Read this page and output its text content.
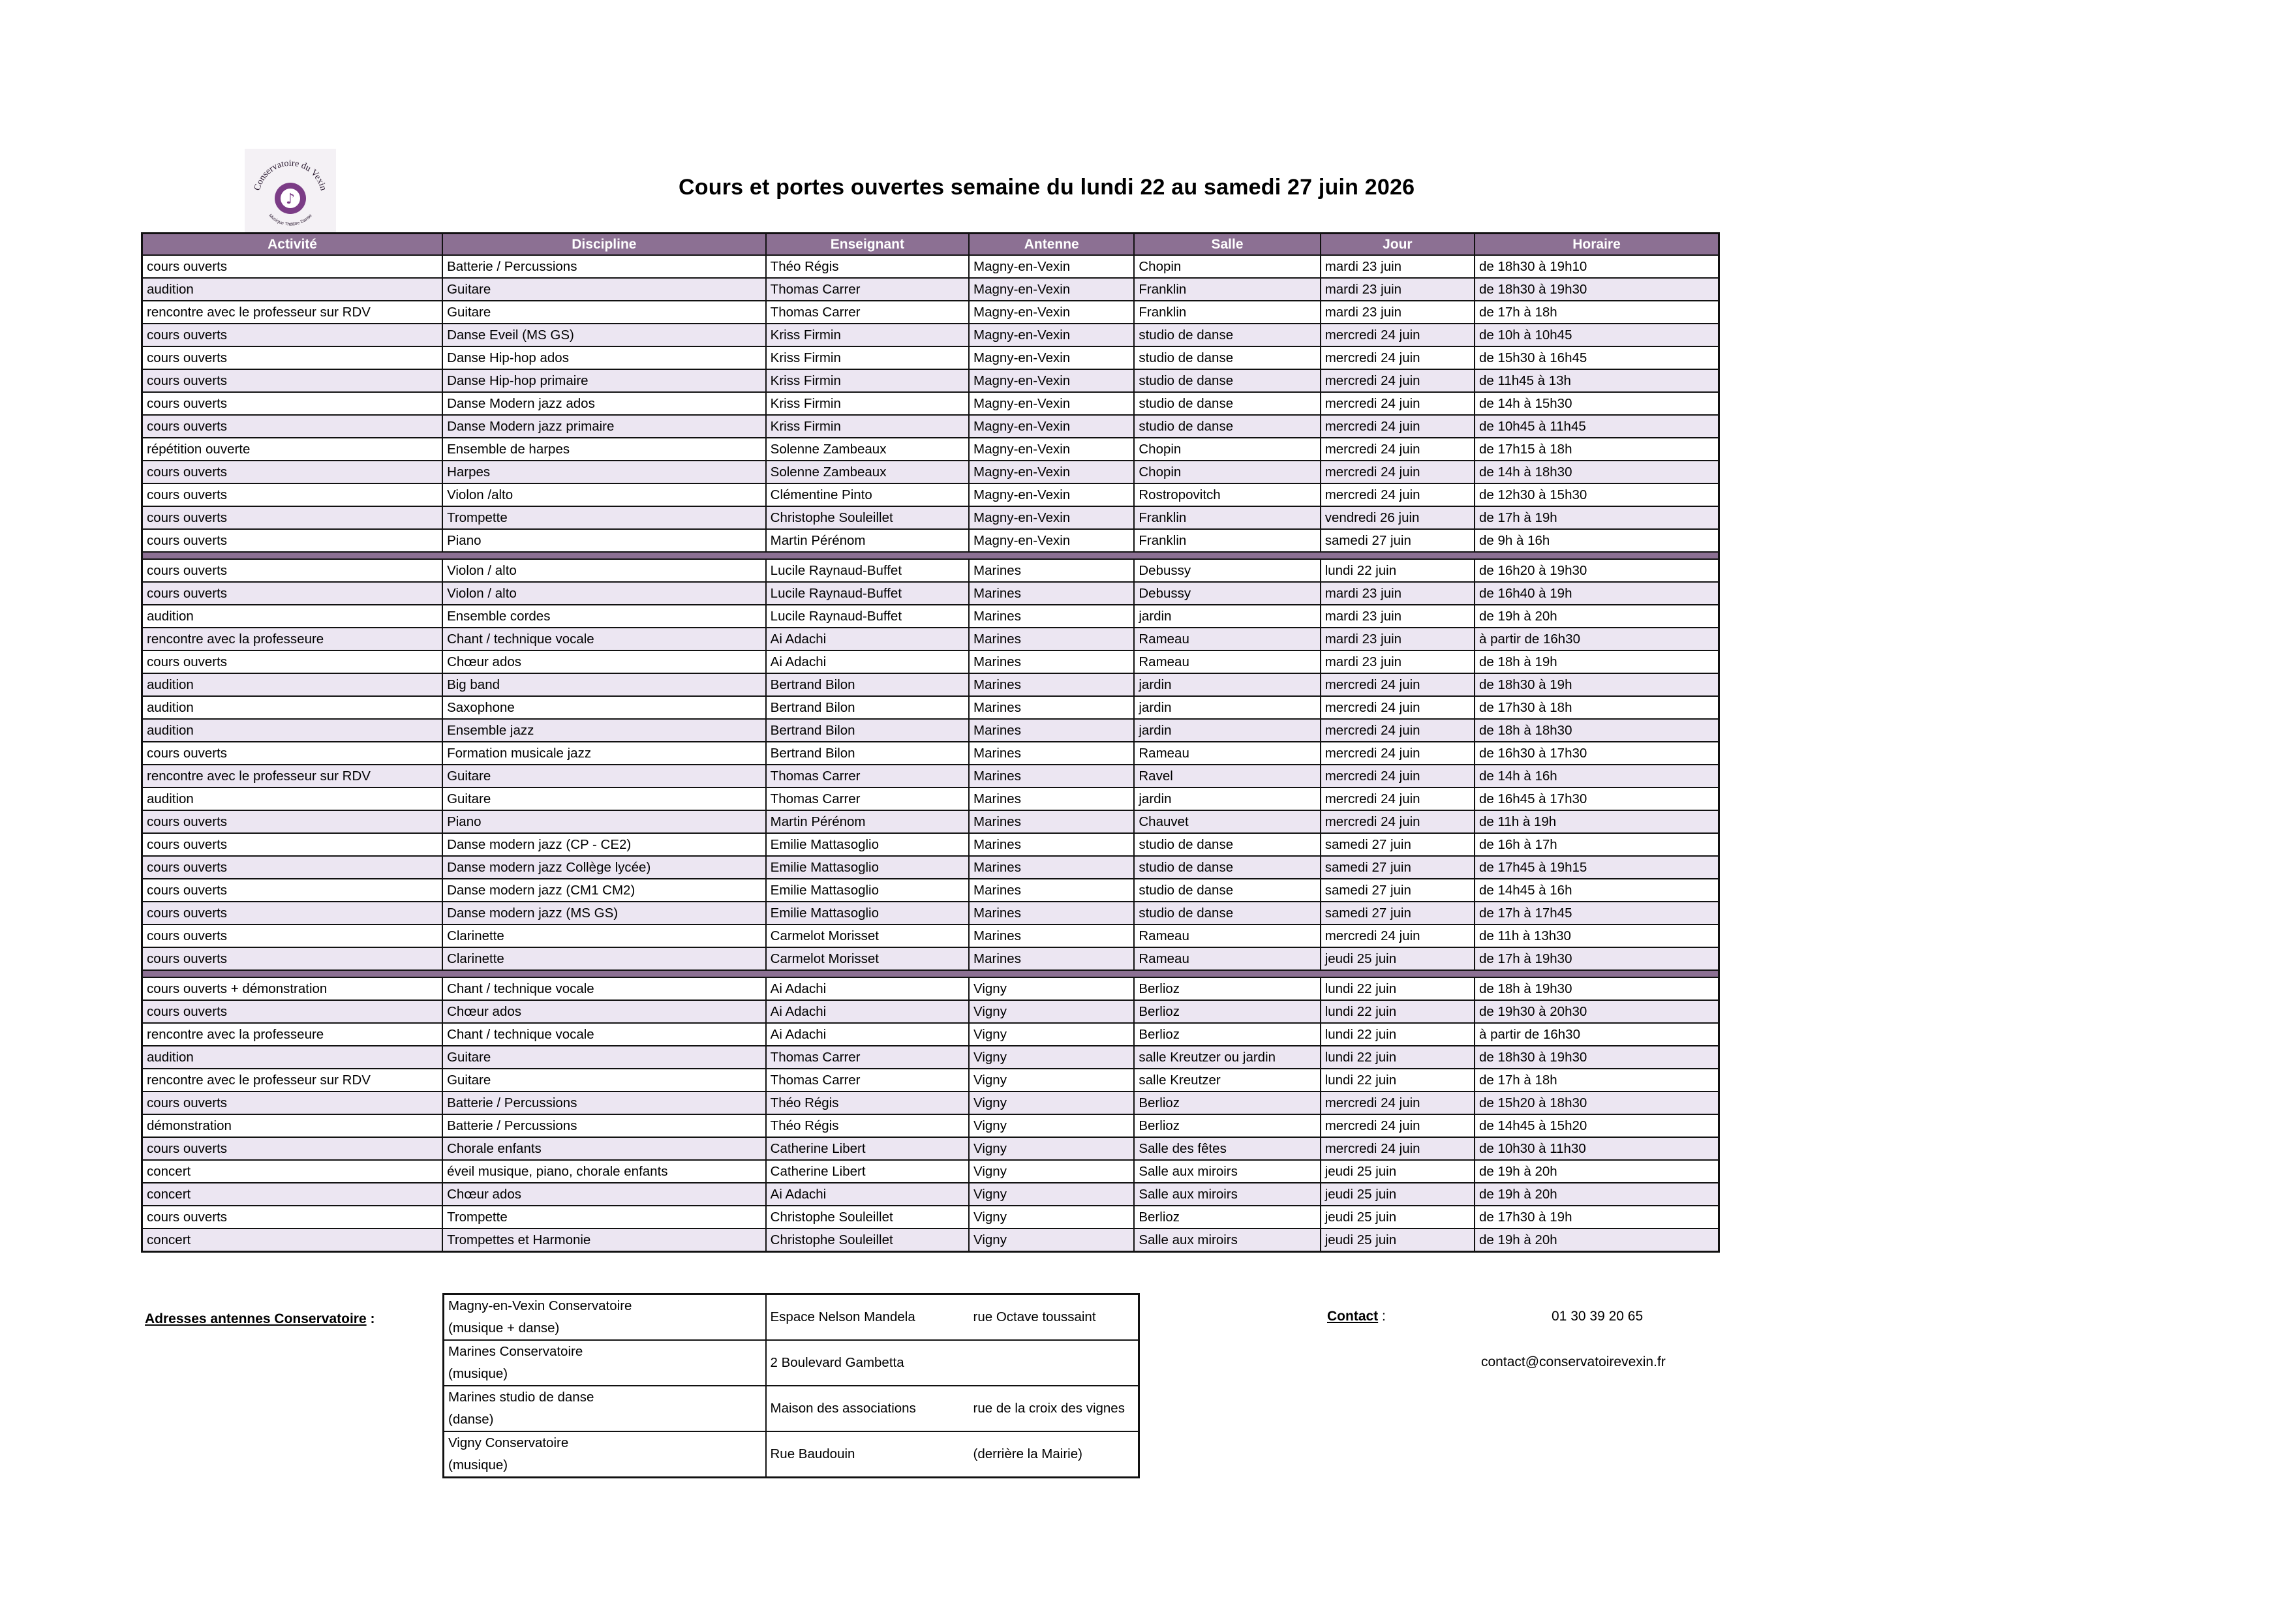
Conservatoire du Vexin
♪
Musique Théâtre Danse
Cours et portes ouvertes semaine du lundi 22 au samedi 27 juin 2026
Activité	Discipline	Enseignant	Antenne	Salle	Jour	Horaire
cours ouverts	Batterie / Percussions	Théo Régis	Magny-en-Vexin	Chopin	mardi 23 juin	de 18h30 à 19h10
audition	Guitare	Thomas Carrer	Magny-en-Vexin	Franklin	mardi 23 juin	de 18h30 à 19h30
rencontre avec le professeur sur RDV	Guitare	Thomas Carrer	Magny-en-Vexin	Franklin	mardi 23 juin	de 17h à 18h
cours ouverts	Danse Eveil (MS GS)	Kriss Firmin	Magny-en-Vexin	studio de danse	mercredi 24 juin	de 10h à 10h45
cours ouverts	Danse Hip-hop ados	Kriss Firmin	Magny-en-Vexin	studio de danse	mercredi 24 juin	de 15h30 à 16h45
cours ouverts	Danse Hip-hop primaire	Kriss Firmin	Magny-en-Vexin	studio de danse	mercredi 24 juin	de 11h45 à 13h
cours ouverts	Danse Modern jazz ados	Kriss Firmin	Magny-en-Vexin	studio de danse	mercredi 24 juin	de 14h à 15h30
cours ouverts	Danse Modern jazz primaire	Kriss Firmin	Magny-en-Vexin	studio de danse	mercredi 24 juin	de 10h45 à 11h45
répétition ouverte	Ensemble de harpes	Solenne Zambeaux	Magny-en-Vexin	Chopin	mercredi 24 juin	de 17h15 à 18h
cours ouverts	Harpes	Solenne Zambeaux	Magny-en-Vexin	Chopin	mercredi 24 juin	de 14h à 18h30
cours ouverts	Violon /alto	Clémentine Pinto	Magny-en-Vexin	Rostropovitch	mercredi 24 juin	de 12h30 à 15h30
cours ouverts	Trompette	Christophe Souleillet	Magny-en-Vexin	Franklin	vendredi 26 juin	de 17h à 19h
cours ouverts	Piano	Martin Pérénom	Magny-en-Vexin	Franklin	samedi 27 juin	de 9h à 16h

cours ouverts	Violon / alto	Lucile Raynaud-Buffet	Marines	Debussy	lundi 22 juin	de 16h20 à 19h30
cours ouverts	Violon / alto	Lucile Raynaud-Buffet	Marines	Debussy	mardi 23 juin	de 16h40 à 19h
audition	Ensemble cordes	Lucile Raynaud-Buffet	Marines	jardin	mardi 23 juin	de 19h à 20h
rencontre avec la professeure	Chant / technique vocale	Ai Adachi	Marines	Rameau	mardi 23 juin	à partir de 16h30
cours ouverts	Chœur ados	Ai Adachi	Marines	Rameau	mardi 23 juin	de 18h à 19h
audition	Big band	Bertrand Bilon	Marines	jardin	mercredi 24 juin	de 18h30 à 19h
audition	Saxophone	Bertrand Bilon	Marines	jardin	mercredi 24 juin	de 17h30 à 18h
audition	Ensemble jazz	Bertrand Bilon	Marines	jardin	mercredi 24 juin	de 18h à 18h30
cours ouverts	Formation musicale jazz	Bertrand Bilon	Marines	Rameau	mercredi 24 juin	de 16h30 à 17h30
rencontre avec le professeur sur RDV	Guitare	Thomas Carrer	Marines	Ravel	mercredi 24 juin	de 14h à 16h
audition	Guitare	Thomas Carrer	Marines	jardin	mercredi 24 juin	de 16h45 à 17h30
cours ouverts	Piano	Martin Pérénom	Marines	Chauvet	mercredi 24 juin	de 11h à 19h
cours ouverts	Danse modern jazz (CP - CE2)	Emilie Mattasoglio	Marines	studio de danse	samedi 27 juin	de 16h à 17h
cours ouverts	Danse modern jazz Collège lycée)	Emilie Mattasoglio	Marines	studio de danse	samedi 27 juin	de 17h45 à 19h15
cours ouverts	Danse modern jazz (CM1 CM2)	Emilie Mattasoglio	Marines	studio de danse	samedi 27 juin	de 14h45 à 16h
cours ouverts	Danse modern jazz (MS GS)	Emilie Mattasoglio	Marines	studio de danse	samedi 27 juin	de 17h à 17h45
cours ouverts	Clarinette	Carmelot Morisset	Marines	Rameau	mercredi 24 juin	de 11h à 13h30
cours ouverts	Clarinette	Carmelot Morisset	Marines	Rameau	jeudi 25 juin	de 17h à 19h30

cours ouverts + démonstration	Chant / technique vocale	Ai Adachi	Vigny	Berlioz	lundi 22 juin	de 18h à 19h30
cours ouverts	Chœur ados	Ai Adachi	Vigny	Berlioz	lundi 22 juin	de 19h30 à 20h30
rencontre avec la professeure	Chant / technique vocale	Ai Adachi	Vigny	Berlioz	lundi 22 juin	à partir de 16h30
audition	Guitare	Thomas Carrer	Vigny	salle Kreutzer ou jardin	lundi 22 juin	de 18h30 à 19h30
rencontre avec le professeur sur RDV	Guitare	Thomas Carrer	Vigny	salle Kreutzer	lundi 22 juin	de 17h à 18h
cours ouverts	Batterie / Percussions	Théo Régis	Vigny	Berlioz	mercredi 24 juin	de 15h20 à 18h30
démonstration	Batterie / Percussions	Théo Régis	Vigny	Berlioz	mercredi 24 juin	de 14h45 à 15h20
cours ouverts	Chorale enfants	Catherine Libert	Vigny	Salle des fêtes	mercredi 24 juin	de 10h30 à 11h30
concert	éveil musique, piano, chorale enfants	Catherine Libert	Vigny	Salle aux miroirs	jeudi 25 juin	de 19h à 20h
concert	Chœur ados	Ai Adachi	Vigny	Salle aux miroirs	jeudi 25 juin	de 19h à 20h
cours ouverts	Trompette	Christophe Souleillet	Vigny	Berlioz	jeudi 25 juin	de 17h30 à 19h
concert	Trompettes et Harmonie	Christophe Souleillet	Vigny	Salle aux miroirs	jeudi 25 juin	de 19h à 20h
Adresses antennes Conservatoire :
Magny-en-Vexin Conservatoire
(musique + danse)	Espace Nelson Mandela	rue Octave toussaint

Marines Conservatoire
(musique)	2 Boulevard Gambetta	

Marines studio de danse
(danse)	Maison des associations	rue de la croix des vignes

Vigny Conservatoire
(musique)	Rue Baudouin	(derrière la Mairie)
Contact :	01 30 39 20 65
contact@conservatoirevexin.fr
